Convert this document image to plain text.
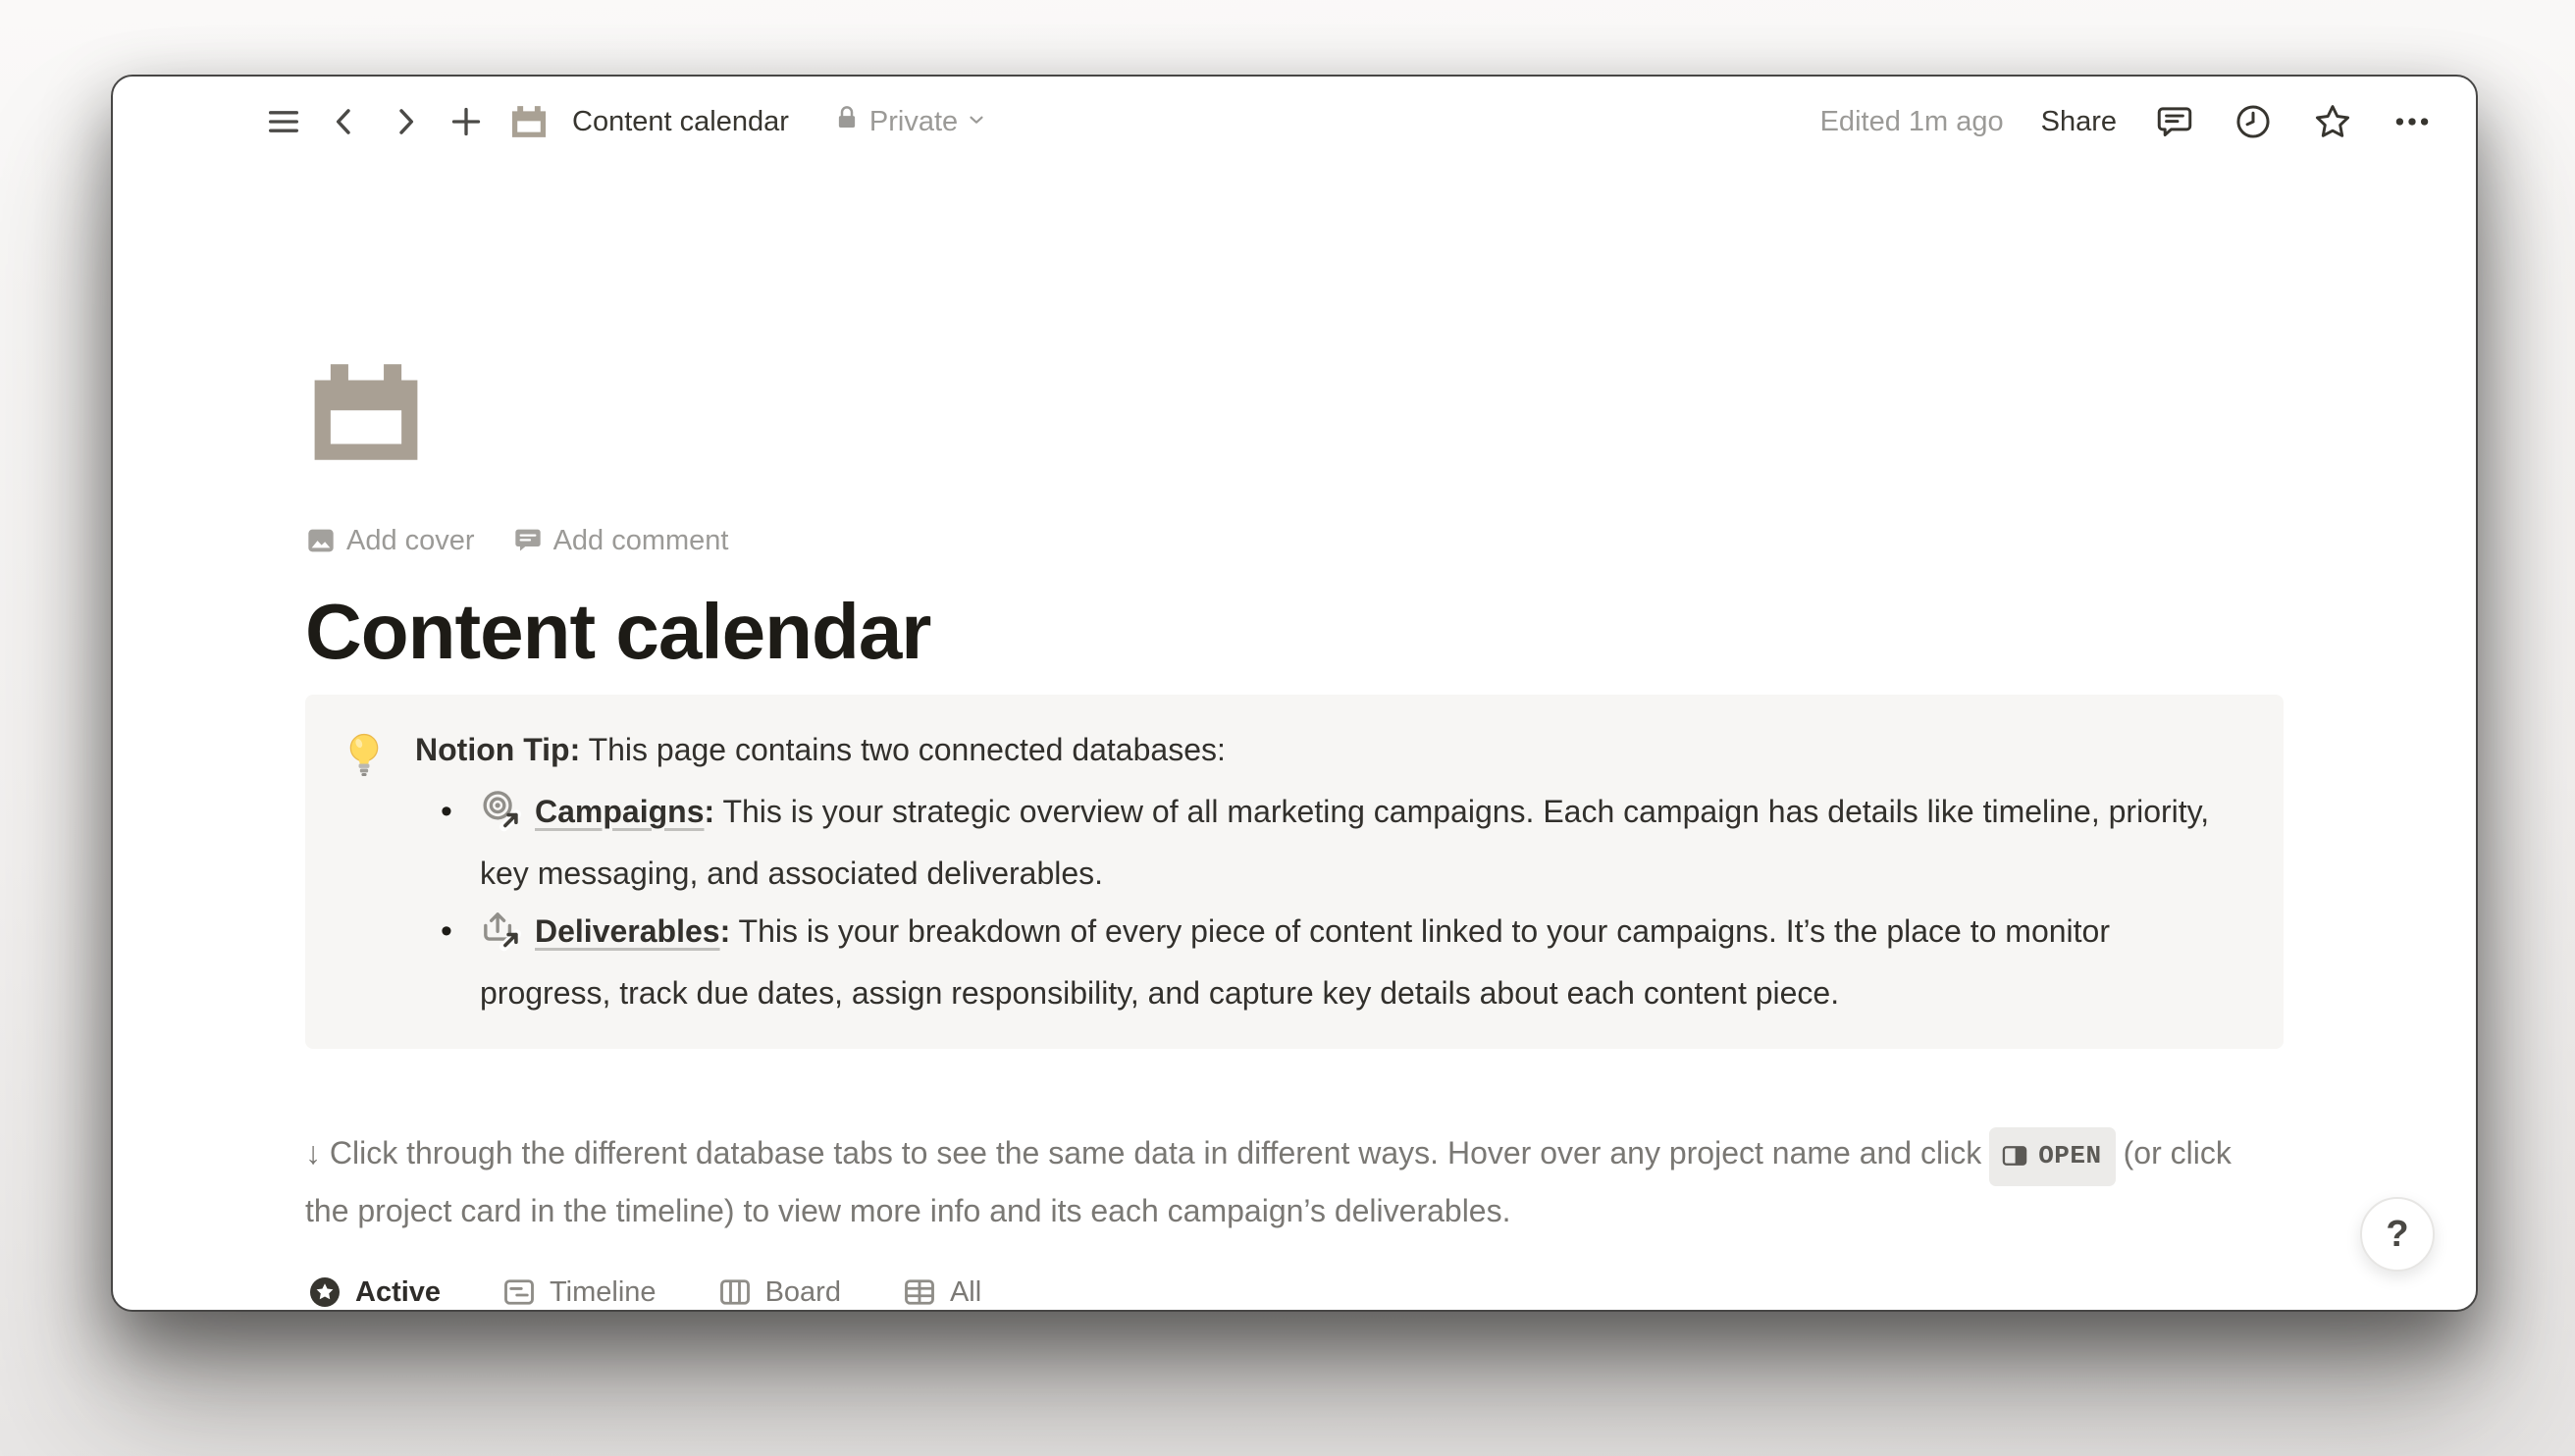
Content calendar	Private	Edited 1m ago Share
Add cover	Add comment
Content calendar
Notion Tip: This page contains two connected databases:
• Campaigns: This is your strategic overview of all marketing campaigns. Each campaign has details like timeline, priority, key messaging, and associated deliverables.
• Deliverables: This is your breakdown of every piece of content linked to your campaigns. It’s the place to monitor progress, track due dates, assign responsibility, and capture key details about each content piece.

↓ Click through the different database tabs to see the same data in different ways. Hover over any project name and click OPEN (or click the project card in the timeline) to view more info and its each campaign’s deliverables.

Active	Timeline	Board	All
?
